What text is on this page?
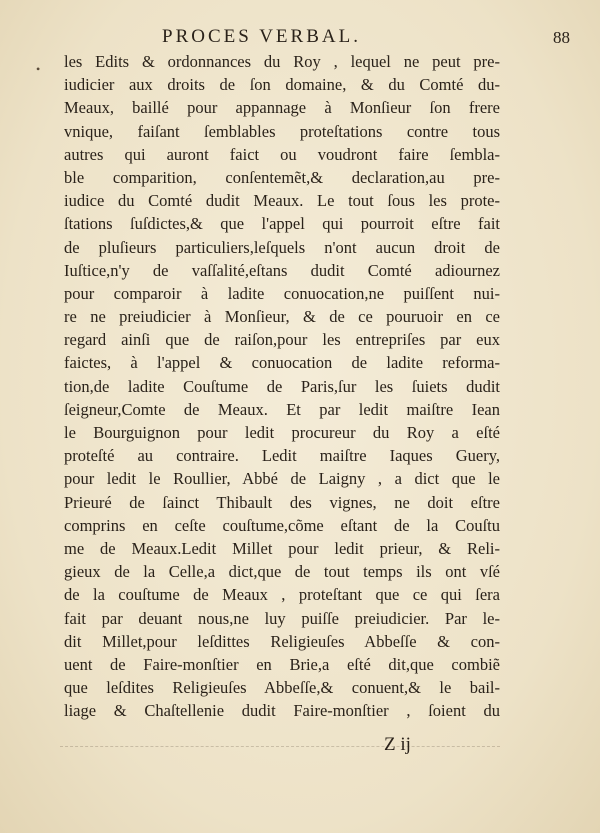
PROCES VERBAL.	88
• les Edits & ordonnances du Roy , lequel ne peut pre-
iudicier aux droits de ſon domaine, & du Comté du-
Meaux, baillé pour appannage à Monſieur ſon frere
vnique, faiſant ſemblables proteſtations contre tous
autres qui auront faict ou voudront faire ſembla-
ble comparition, conſentemẽt,& declaration,au pre-
iudice du Comté dudit Meaux. Le tout ſous les prote-
ſtations ſuſdictes,& que l'appel qui pourroit eſtre fait
de pluſieurs particuliers,leſquels n'ont aucun droit de
Iuſtice,n'y de vaſſalité,eſtans dudit Comté adiournez
pour comparoir à ladite conuocation,ne puiſſent nui-
re ne preiudicier à Monſieur, & de ce pouruoir en ce
regard ainſi que de raiſon,pour les entrepriſes par eux
faictes, à l'appel & conuocation de ladite reforma-
tion,de ladite Couſtume de Paris,ſur les ſuiets dudit
ſeigneur,Comte de Meaux. Et par ledit maiſtre Iean
le Bourguignon pour ledit procureur du Roy a eſté
proteſté au contraire. Ledit maiſtre Iaques Guery,
pour ledit le Roullier, Abbé de Laigny , a dict que le
Prieuré de ſainct Thibault des vignes, ne doit eſtre
comprins en ceſte couſtume,cõme eſtant de la Couſtu
me de Meaux.Ledit Millet pour ledit prieur, & Reli-
gieux de la Celle,a dict,que de tout temps ils ont vſé
de la couſtume de Meaux , proteſtant que ce qui ſera
fait par deuant nous,ne luy puiſſe preiudicier. Par le-
dit Millet,pour leſdittes Religieuſes Abbeſſe & con-
uent de Faire-monſtier en Brie,a eſté dit,que combiẽ
que leſdites Religieuſes Abbeſſe,& conuent,& le bail-
liage & Chaſtellenie dudit Faire-monſtier , ſoient du
Z ij
